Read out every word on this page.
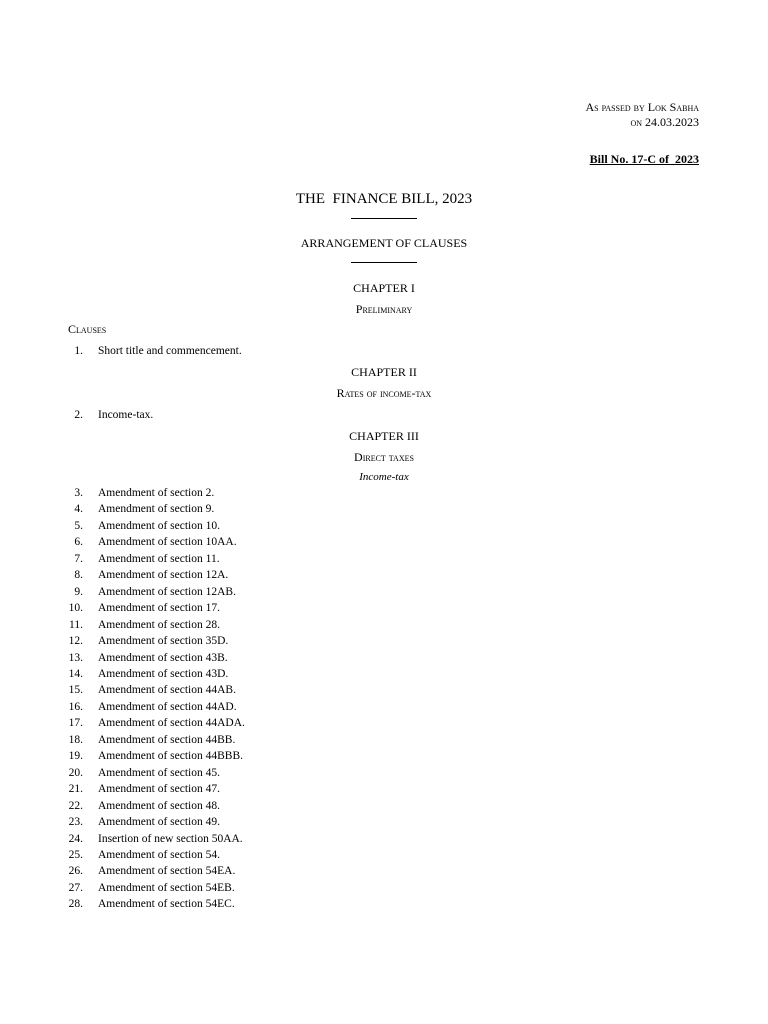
As passed by Lok Sabha
on 24.03.2023
Bill No. 17-C of  2023
THE  FINANCE BILL, 2023
ARRANGEMENT OF CLAUSES
CHAPTER I
Preliminary
Clauses
1. Short title and commencement.
CHAPTER II
Rates of income-tax
2. Income-tax.
CHAPTER III
Direct taxes
Income-tax
3. Amendment of section 2.
4. Amendment of section 9.
5. Amendment of section 10.
6. Amendment of section 10AA.
7. Amendment of section 11.
8. Amendment of section 12A.
9. Amendment of section 12AB.
10. Amendment of section 17.
11. Amendment of section 28.
12. Amendment of section 35D.
13. Amendment of section 43B.
14. Amendment of section 43D.
15. Amendment of section 44AB.
16. Amendment of section 44AD.
17. Amendment of section 44ADA.
18. Amendment of section 44BB.
19. Amendment of section 44BBB.
20. Amendment of section 45.
21. Amendment of section 47.
22. Amendment of section 48.
23. Amendment of section 49.
24. Insertion of new section 50AA.
25. Amendment of section 54.
26. Amendment of section 54EA.
27. Amendment of section 54EB.
28. Amendment of section 54EC.
